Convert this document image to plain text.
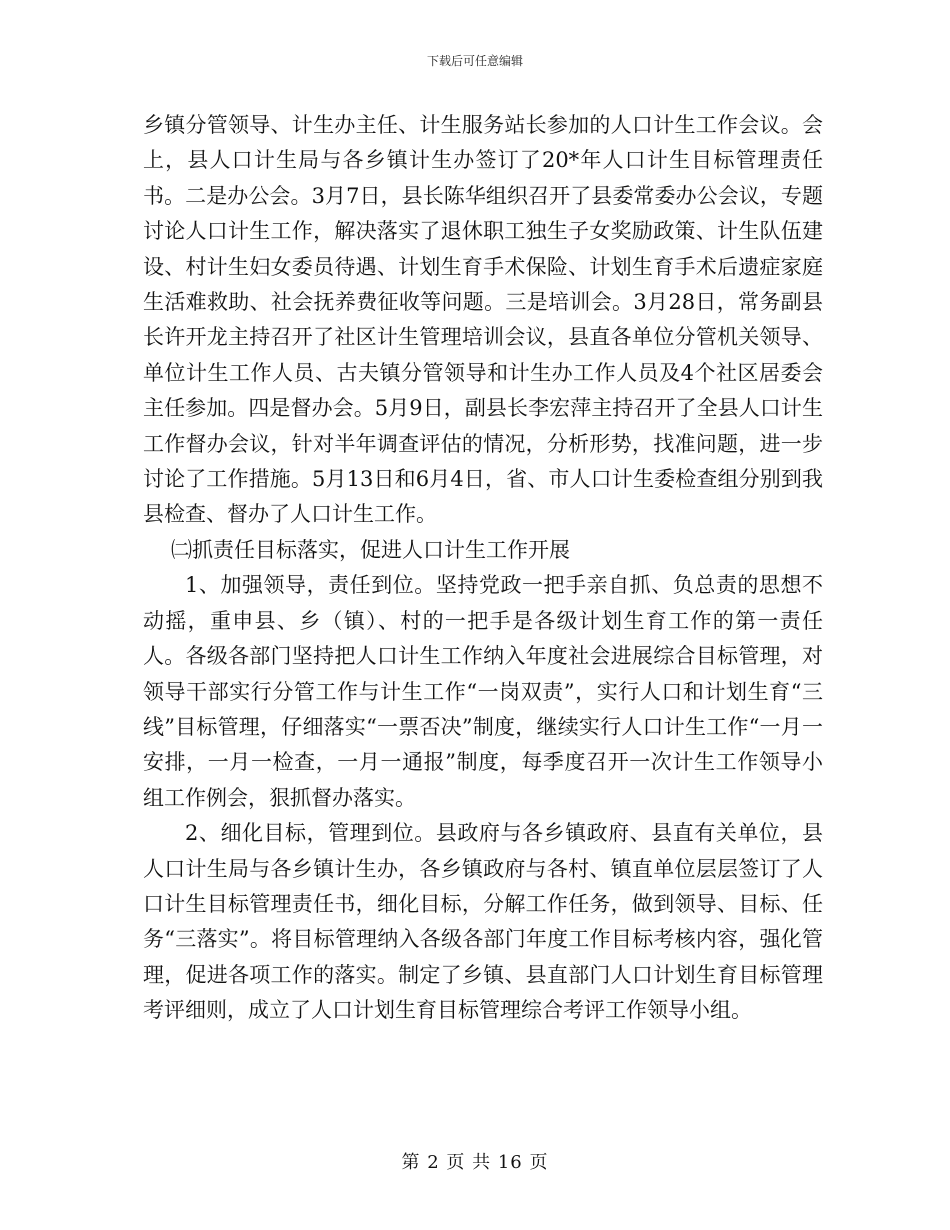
下载后可任意编辑

乡镇分管领导、计生办主任、计生服务站长参加的人口计生工作会议。会上，县人口计生局与各乡镇计生办签订了20*年人口计生目标管理责任书。二是办公会。3月7日，县长陈华组织召开了县委常委办公会议，专题讨论人口计生工作，解决落实了退休职工独生子女奖励政策、计生队伍建设、村计生妇女委员待遇、计划生育手术保险、计划生育手术后遗症家庭生活难救助、社会抚养费征收等问题。三是培训会。3月28日，常务副县长许开龙主持召开了社区计生管理培训会议，县直各单位分管机关领导、单位计生工作人员、古夫镇分管领导和计生办工作人员及4个社区居委会主任参加。四是督办会。5月9日，副县长李宏萍主持召开了全县人口计生工作督办会议，针对半年调查评估的情况，分析形势，找准问题，进一步讨论了工作措施。5月13日和6月4日，省、市人口计生委检查组分别到我县检查、督办了人口计生工作。

㈡抓责任目标落实，促进人口计生工作开展

1、加强领导，责任到位。坚持党政一把手亲自抓、负总责的思想不动摇，重申县、乡（镇）、村的一把手是各级计划生育工作的第一责任人。各级各部门坚持把人口计生工作纳入年度社会进展综合目标管理，对领导干部实行分管工作与计生工作“一岗双责”，实行人口和计划生育“三线”目标管理，仔细落实“一票否决”制度，继续实行人口计生工作“一月一安排，一月一检查，一月一通报”制度，每季度召开一次计生工作领导小组工作例会，狠抓督办落实。

2、细化目标，管理到位。县政府与各乡镇政府、县直有关单位，县人口计生局与各乡镇计生办，各乡镇政府与各村、镇直单位层层签订了人口计生目标管理责任书，细化目标，分解工作任务，做到领导、目标、任务“三落实”。将目标管理纳入各级各部门年度工作目标考核内容，强化管理，促进各项工作的落实。制定了乡镇、县直部门人口计划生育目标管理考评细则，成立了人口计划生育目标管理综合考评工作领导小组。

第 2 页 共 16 页
